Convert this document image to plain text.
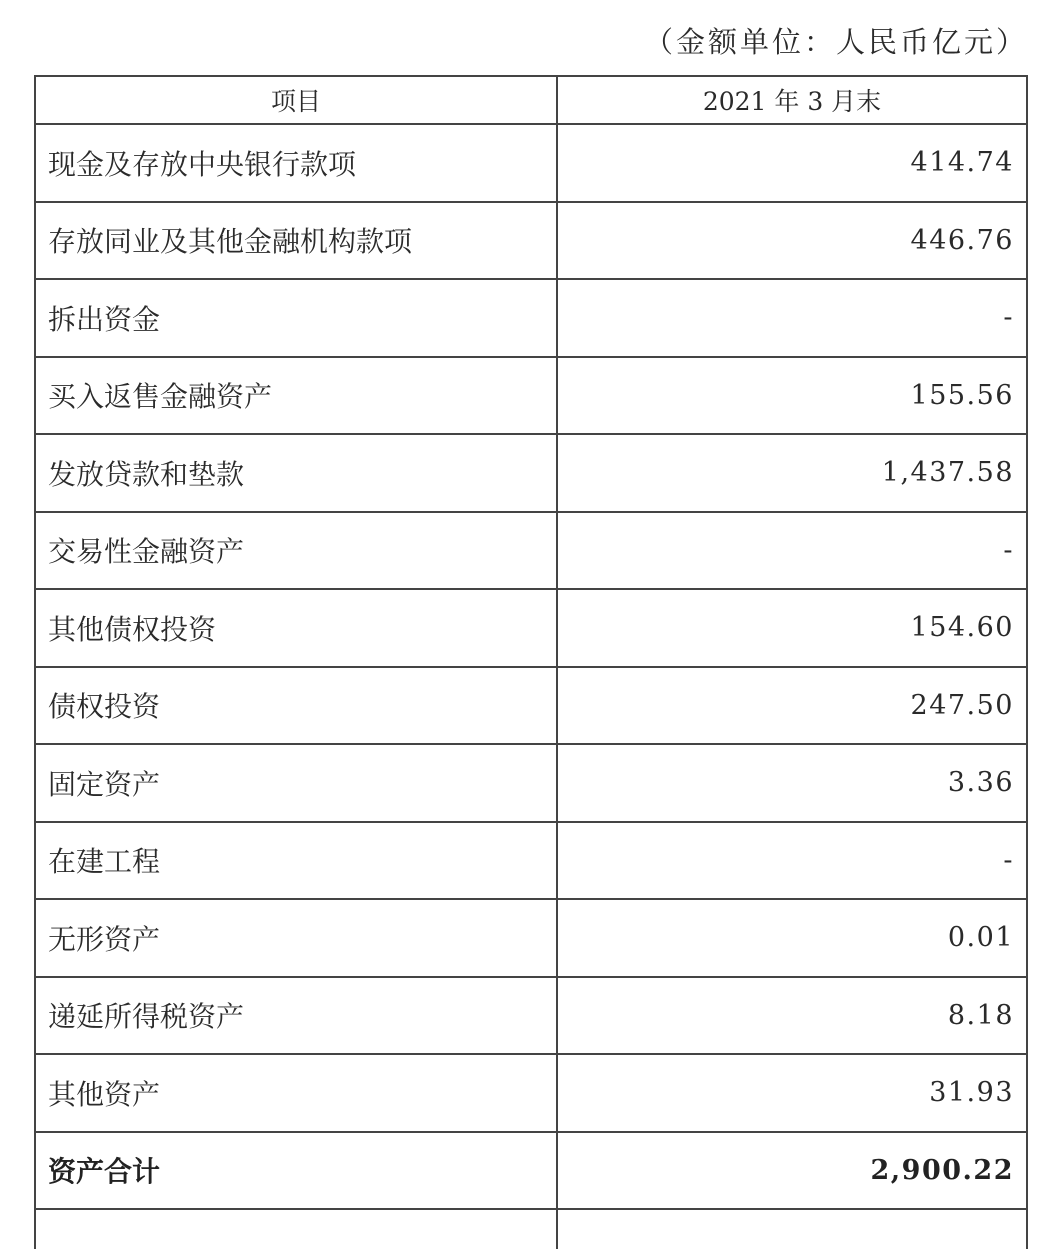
（金额单位：人民币亿元）
项目	2021 年 3 月末
现金及存放中央银行款项	414.74
存放同业及其他金融机构款项	446.76
拆出资金	-
买入返售金融资产	155.56
发放贷款和垫款	1,437.58
交易性金融资产	-
其他债权投资	154.60
债权投资	247.50
固定资产	3.36
在建工程	-
无形资产	0.01
递延所得税资产	8.18
其他资产	31.93
资产合计	2,900.22
